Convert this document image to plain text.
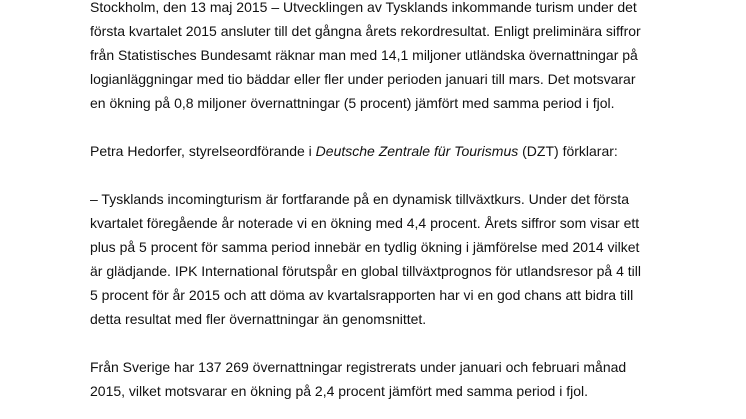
Stockholm, den 13 maj 2015 – Utvecklingen av Tysklands inkommande turism under det
första kvartalet 2015 ansluter till det gångna årets rekordresultat. Enligt preliminära siffror
från Statistisches Bundesamt räknar man med 14,1 miljoner utländska övernattningar på
logianläggningar med tio bäddar eller fler under perioden januari till mars. Det motsvarar
en ökning på 0,8 miljoner övernattningar (5 procent) jämfört med samma period i fjol.
Petra Hedorfer, styrelseordförande i Deutsche Zentrale für Tourismus (DZT) förklarar:
– Tysklands incomingturism är fortfarande på en dynamisk tillväxtkurs. Under det första
kvartalet föregående år noterade vi en ökning med 4,4 procent. Årets siffror som visar ett
plus på 5 procent för samma period innebär en tydlig ökning i jämförelse med 2014 vilket
är glädjande. IPK International förutspår en global tillväxtprognos för utlandsresor på 4 till
5 procent för år 2015 och att döma av kvartalsrapporten har vi en god chans att bidra till
detta resultat med fler övernattningar än genomsnittet.
Från Sverige har 137 269 övernattningar registrerats under januari och februari månad
2015, vilket motsvarar en ökning på 2,4 procent jämfört med samma period i fjol.
